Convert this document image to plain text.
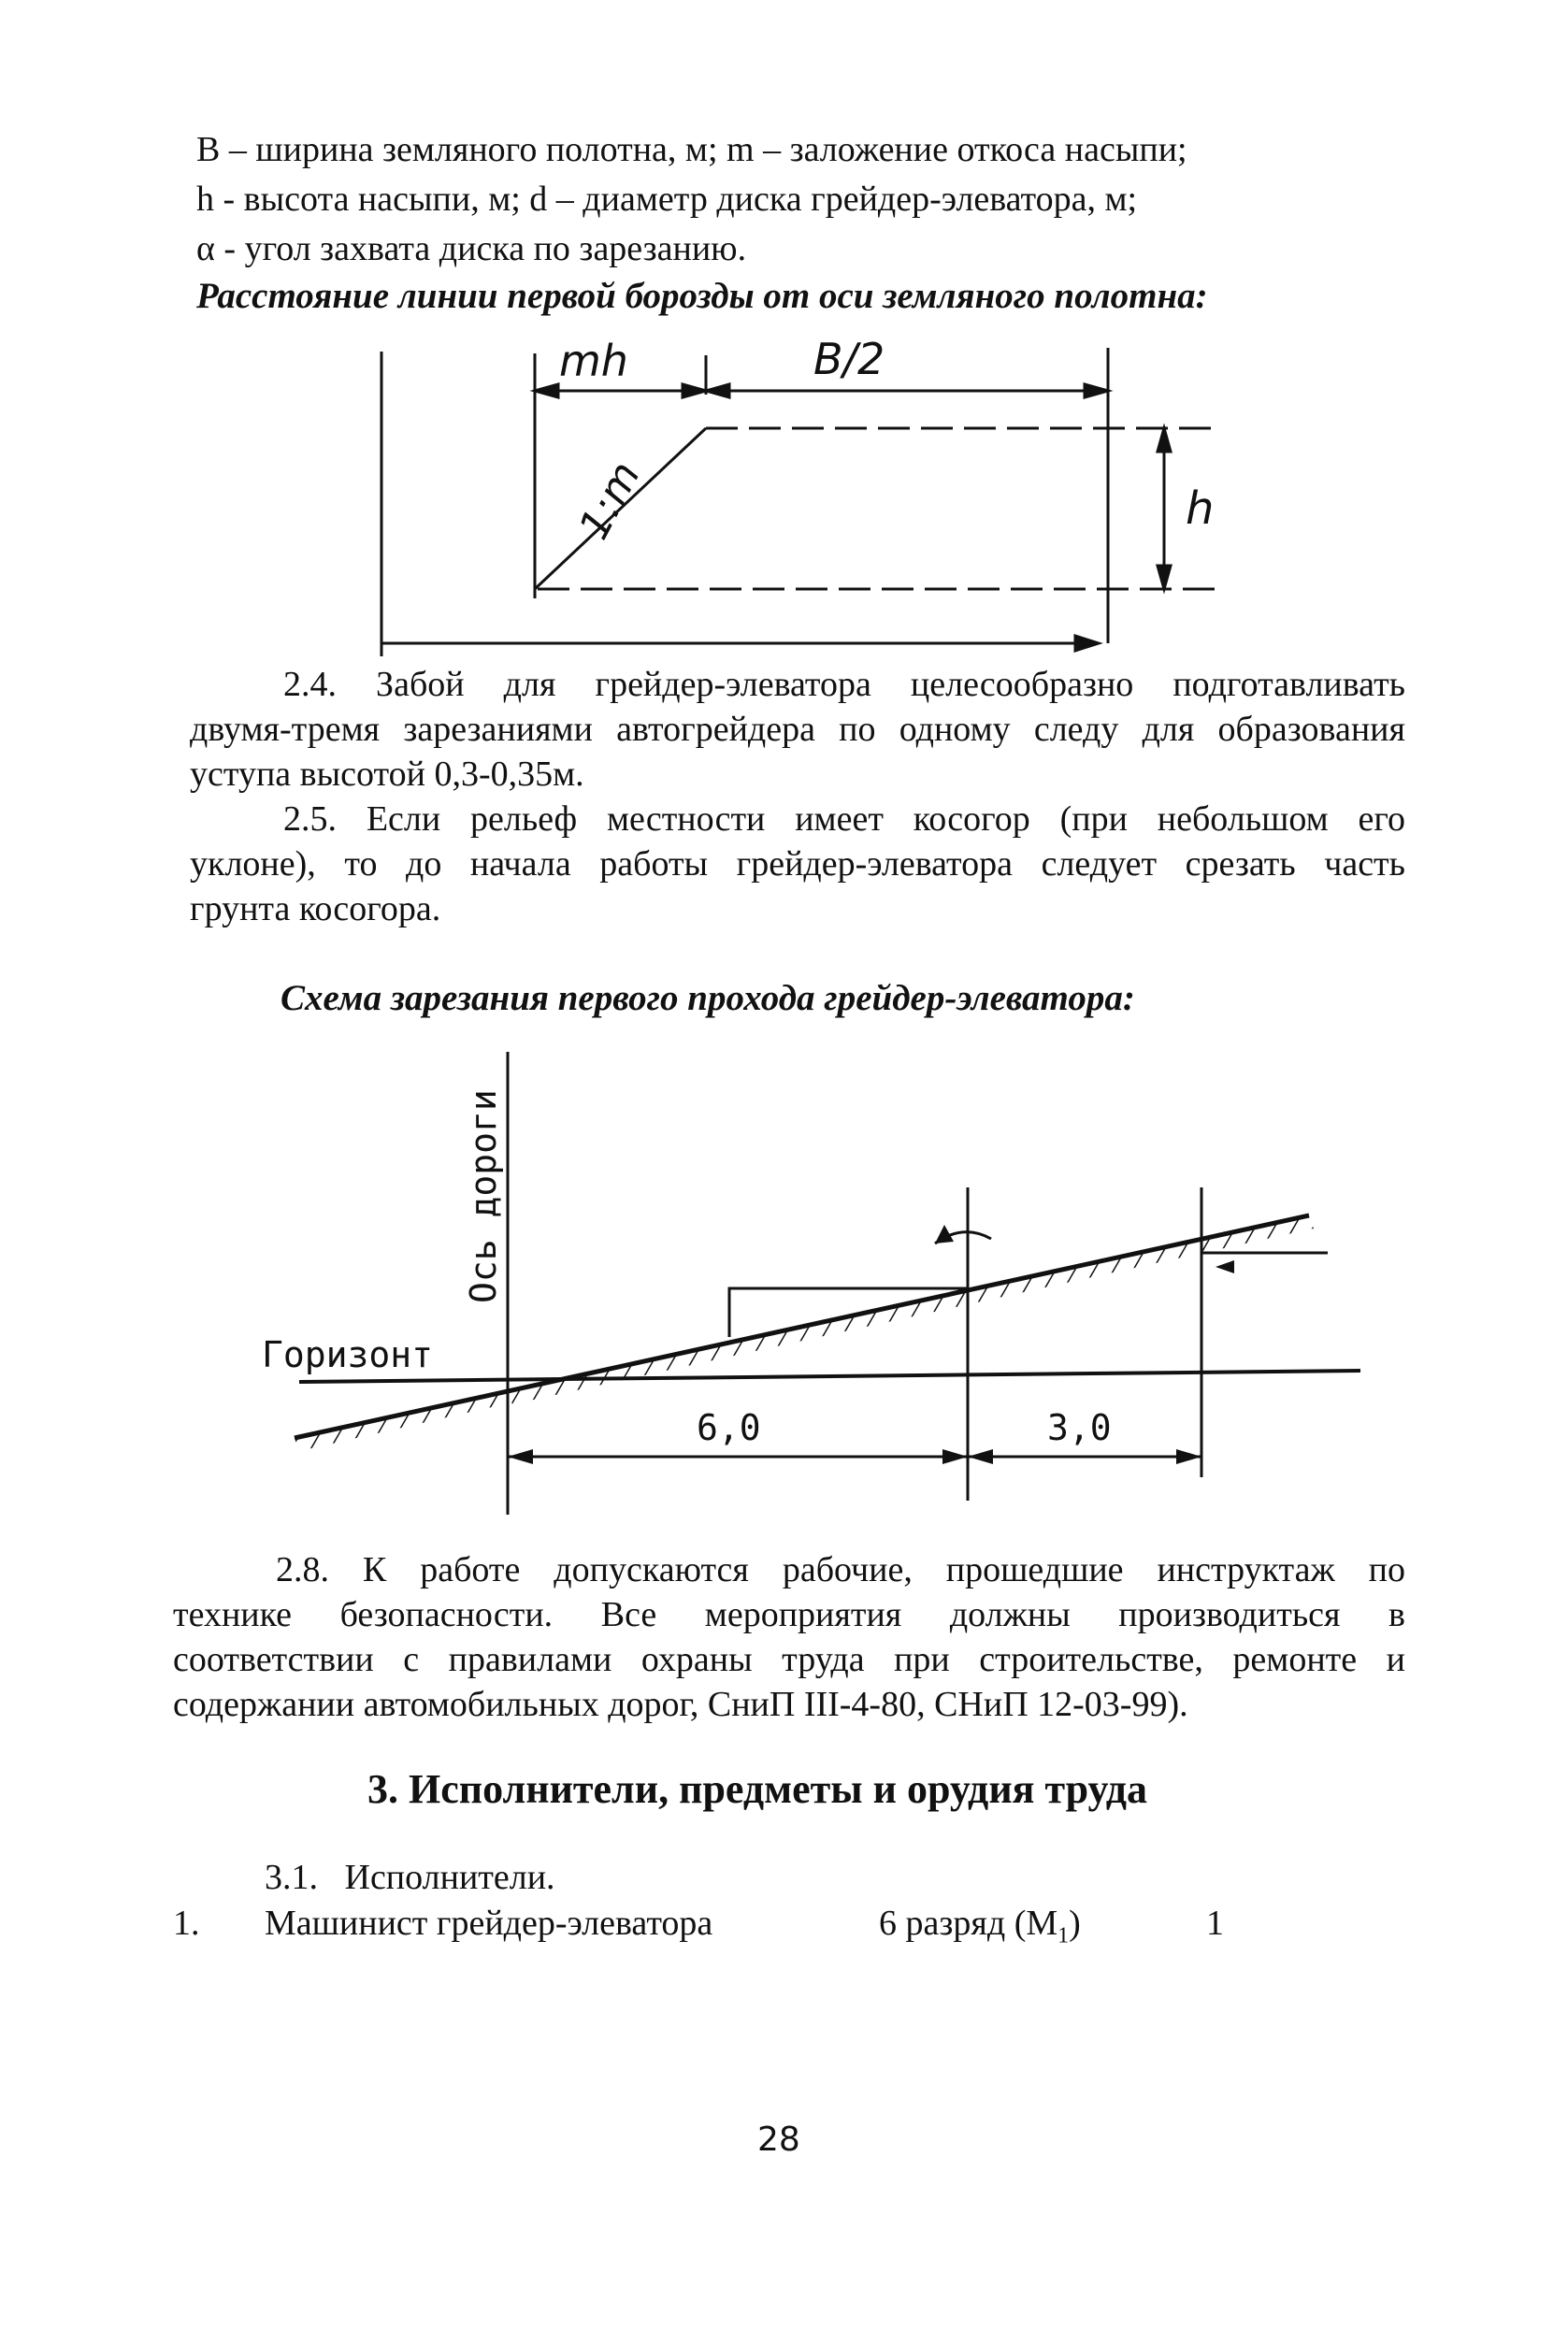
B – ширина земляного полотна, м; m – заложение откоса насыпи;
h - высота насыпи, м; d – диаметр диска грейдер-элеватора, м;
α - угол захвата диска по зарезанию.
Расстояние линии первой борозды от оси земляного полотна:
mh	B/2
1:m	h
2.4. Забой для грейдер-элеватора целесообразно подготавливать
двумя-тремя зарезаниями автогрейдера по одному следу для образования
уступа высотой 0,3-0,35м.
2.5. Если рельеф местности имеет косогор (при небольшом его
уклоне), то до начала работы грейдер-элеватора следует срезать часть
грунта косогора.
Схема зарезания первого прохода грейдер-элеватора:
Ось дороги
Горизонт
6,0	3,0
2.8. К работе допускаются рабочие, прошедшие инструктаж по
технике безопасности. Все мероприятия должны производиться в
соответствии с правилами охраны труда при строительстве, ремонте и
содержании автомобильных дорог, СниП III-4-80, СНиП 12-03-99).
3. Исполнители, предметы и орудия труда
3.1.   Исполнители.
1. Машинист грейдер-элеватора	6 разряд $(М_1)$	1
28
